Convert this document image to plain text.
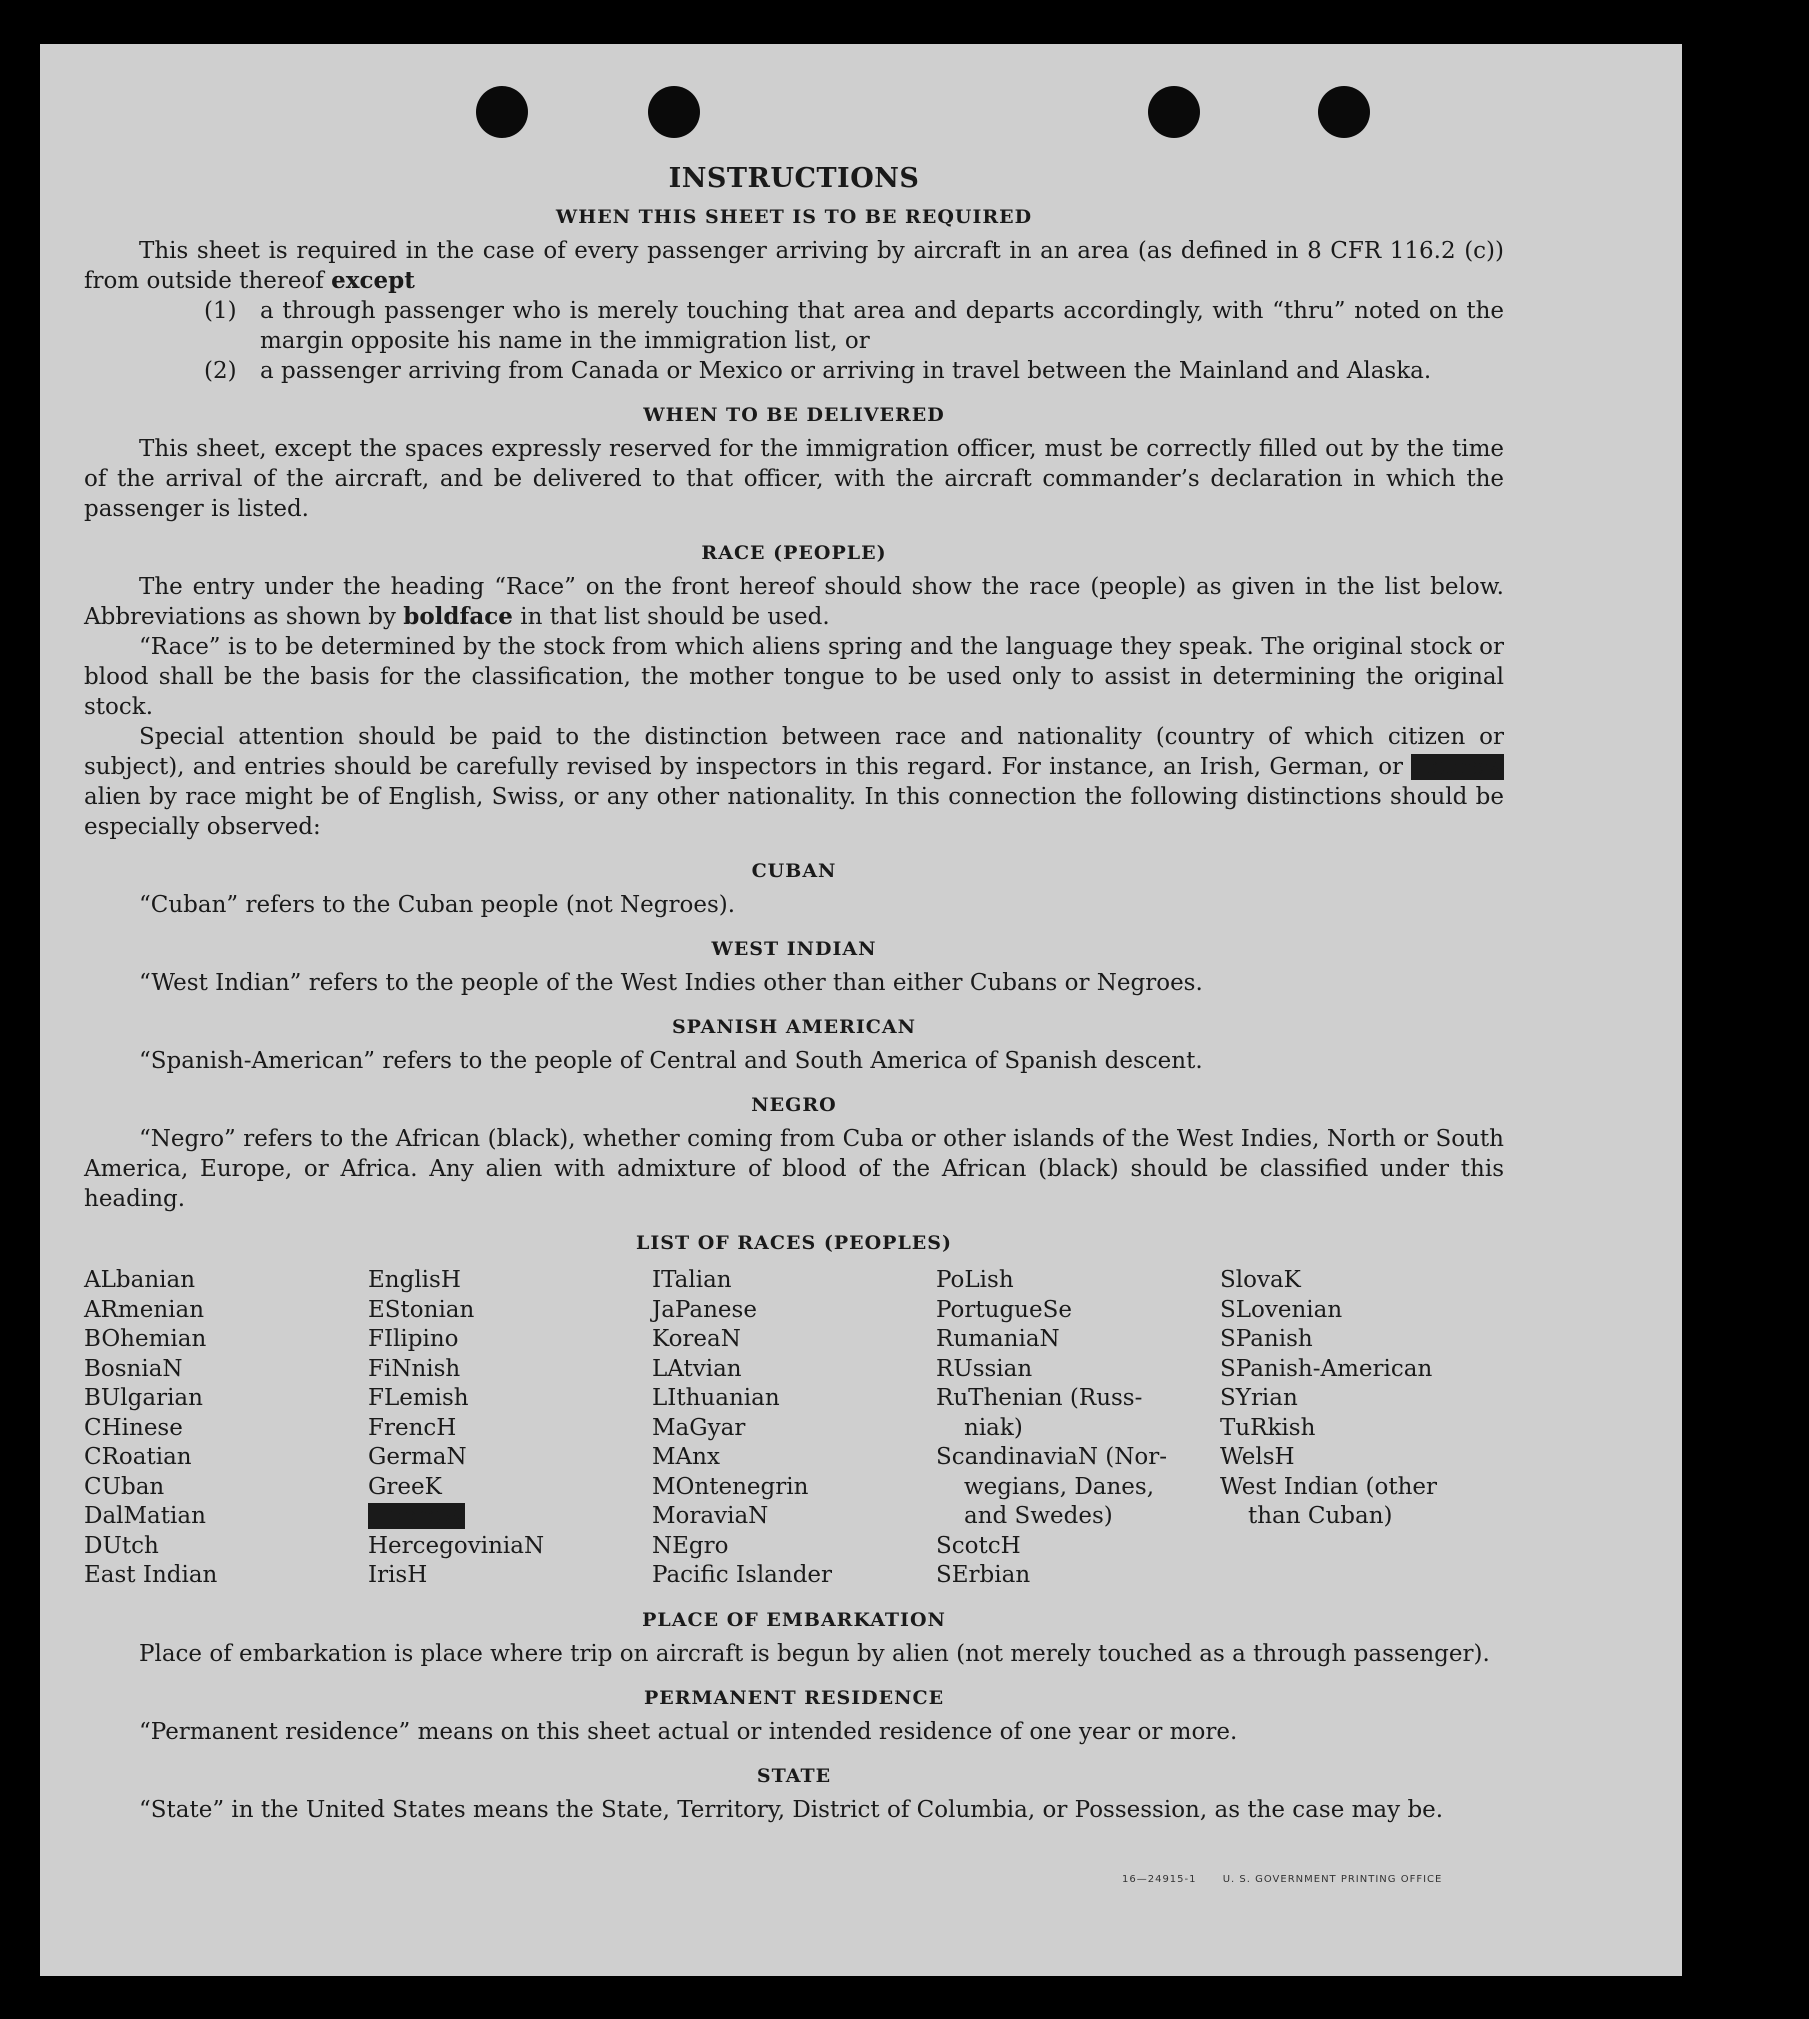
INSTRUCTIONS
WHEN THIS SHEET IS TO BE REQUIRED

This sheet is required in the case of every passenger arriving by aircraft in an area (as defined in 8 CFR 116.2 (c)) from outside thereof except

(1)	a through passenger who is merely touching that area and departs accordingly, with “thru” noted on the margin opposite his name in the immigration list, or
(2)	a passenger arriving from Canada or Mexico or arriving in travel between the Mainland and Alaska.
WHEN TO BE DELIVERED

This sheet, except the spaces expressly reserved for the immigration officer, must be correctly filled out by the time of the arrival of the aircraft, and be delivered to that officer, with the aircraft commander’s declaration in which the passenger is listed.

RACE (PEOPLE)

The entry under the heading “Race” on the front hereof should show the race (people) as given in the list below. Abbreviations as shown by boldface in that list should be used.

“Race” is to be determined by the stock from which aliens spring and the language they speak. The original stock or blood shall be the basis for the classification, the mother tongue to be used only to assist in determining the original stock.

Special attention should be paid to the distinction between race and nationality (country of which citizen or subject), and entries should be carefully revised by inspectors in this regard. For instance, an Irish, German, or Hebrew alien by race might be of English, Swiss, or any other nationality. In this connection the following distinctions should be especially observed:

CUBAN

“Cuban” refers to the Cuban people (not Negroes).

WEST INDIAN

“West Indian” refers to the people of the West Indies other than either Cubans or Negroes.

SPANISH AMERICAN

“Spanish-American” refers to the people of Central and South America of Spanish descent.

NEGRO

“Negro” refers to the African (black), whether coming from Cuba or other islands of the West Indies, North or South America, Europe, or Africa. Any alien with admixture of blood of the African (black) should be classified under this heading.

LIST OF RACES (PEOPLES)
ALbanian
ARmenian
BOhemian
BosniaN
BUlgarian
CHinese
CRoatian
CUban
DalMatian
DUtch
East Indian
EnglisH
EStonian
FIlipino
FiNnish
FLemish
FrencH
GermaN
GreeK
HebreW
HercegoviniaN
IrisH
ITalian
JaPanese
KoreaN
LAtvian
LIthuanian
MaGyar
MAnx
MOntenegrin
MoraviaN
NEgro
Pacific Islander
PoLish
PortugueSe
RumaniaN
RUssian
RuThenian (Russ-
niak)
ScandinaviaN (Nor-
wegians, Danes,
and Swedes)
ScotcH
SErbian
SlovaK
SLovenian
SPanish
SPanish-American
SYrian
TuRkish
WelsH
West Indian (other
than Cuban)
PLACE OF EMBARKATION

Place of embarkation is place where trip on aircraft is begun by alien (not merely touched as a through passenger).

PERMANENT RESIDENCE

“Permanent residence” means on this sheet actual or intended residence of one year or more.

STATE

“State” in the United States means the State, Territory, District of Columbia, or Possession, as the case may be.

16—24915-1	U. S. GOVERNMENT PRINTING OFFICE
